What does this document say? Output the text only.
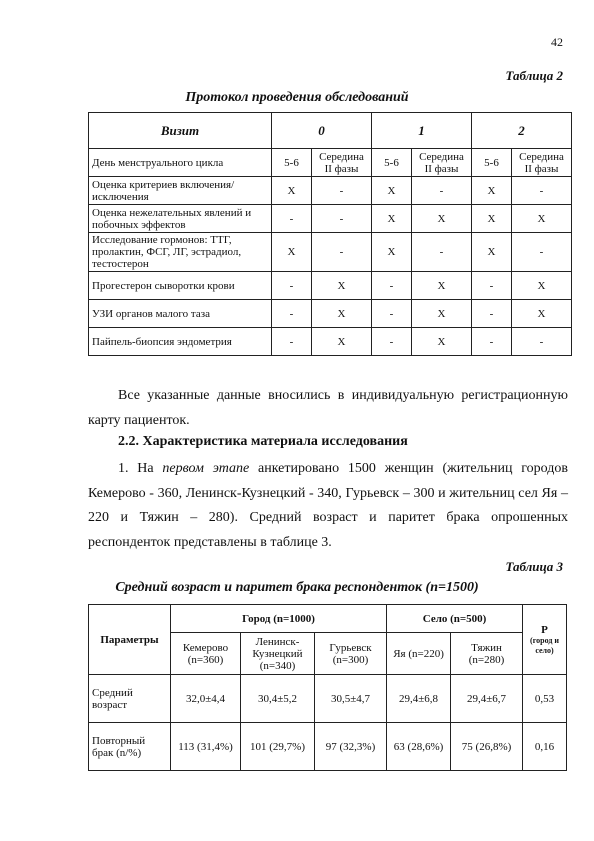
42
Таблица 2
Протокол проведения обследований
Визит	0		1		2	
День менструального цикла	5-6	Середина II фазы	5-6	Середина II фазы	5-6	Середина II фазы
Оценка критериев включения/исключения	X	-	X	-	X	-
Оценка нежелательных явлений и побочных эффектов	-	-	X	X	X	X
Исследование гормонов: ТТГ, пролактин, ФСГ, ЛГ, эстрадиол, тестостерон	X	-	X	-	X	-
Прогестерон сыворотки крови	-	X	-	X	-	X
УЗИ органов малого таза	-	X	-	X	-	X
Пайпель-биопсия эндометрия	-	X	-	X	-	-
Все указанные данные вносились в индивидуальную регистрационную карту пациенток.
2.2. Характеристика материала исследования
1. На первом этапе анкетировано 1500 женщин (жительниц городов Кемерово - 360, Ленинск-Кузнецкий - 340, Гурьевск – 300 и жительниц сел Яя – 220 и Тяжин – 280). Средний возраст и паритет брака опрошенных респонденток представлены в таблице 3.
Таблица 3
Средний возраст и паритет брака респонденток (n=1500)
Параметры	Город (n=1000)			Село (n=500)		Р
(город и село)

	Кемерово (n=360)	Ленинск-Кузнецкий (n=340)	Гурьевск (n=300)	Яя (n=220)	Тяжин (n=280)	
Средний возраст	32,0±4,4	30,4±5,2	30,5±4,7	29,4±6,8	29,4±6,7	0,53
Повторный брак (n/%)	113 (31,4%)	101 (29,7%)	97 (32,3%)	63 (28,6%)	75 (26,8%)	0,16
